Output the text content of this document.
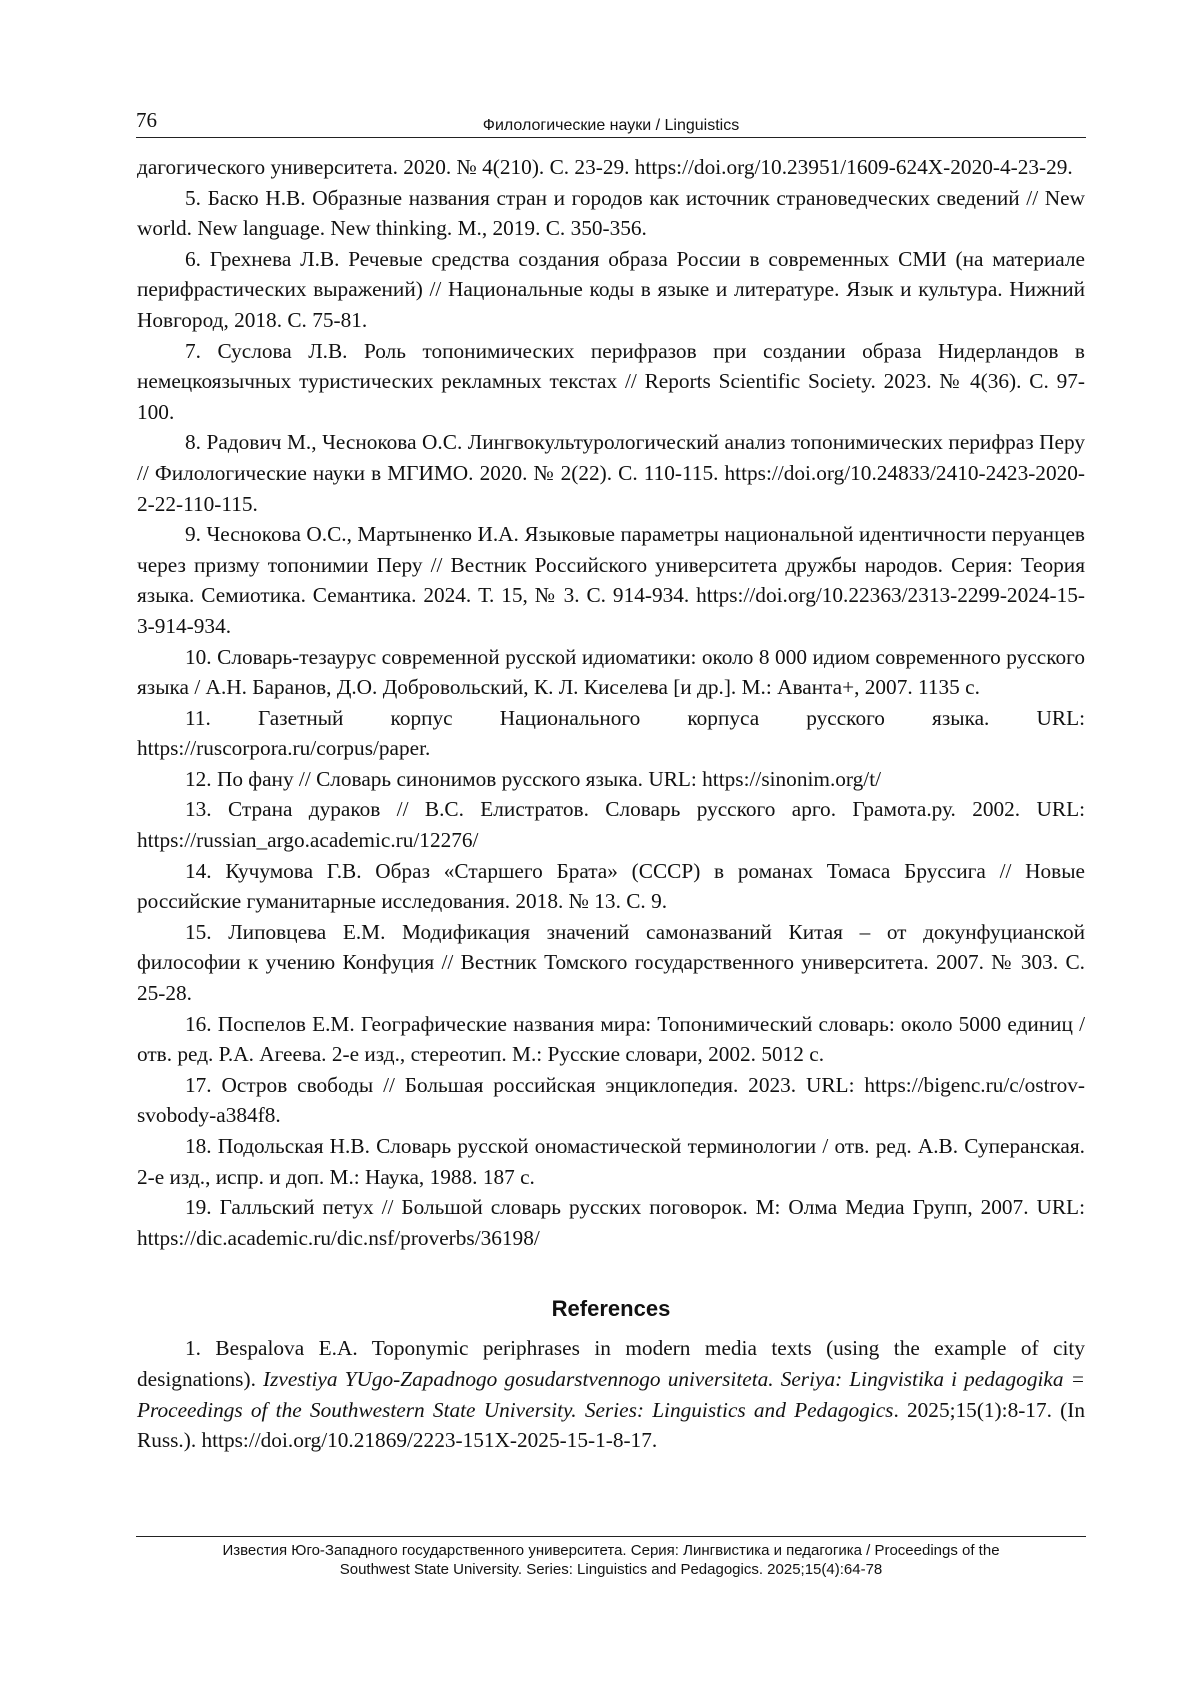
76	Филологические науки / Linguistics

дагогического университета. 2020. № 4(210). С. 23-29. https://doi.org/10.23951/1609-624X-2020-4-23-29.

5. Баско Н.В. Образные названия стран и городов как источник страноведческих сведений // New world. New language. New thinking. М., 2019. С. 350-356.

6. Грехнева Л.В. Речевые средства создания образа России в современных СМИ (на материале перифрастических выражений) // Национальные коды в языке и литературе. Язык и культура. Нижний Новгород, 2018. С. 75-81.

7. Суслова Л.В. Роль топонимических перифразов при создании образа Нидерландов в немецкоязычных туристических рекламных текстах // Reports Scientific Society. 2023. № 4(36). С. 97-100.

8. Радович М., Чеснокова О.С. Лингвокультурологический анализ топонимических перифраз Перу // Филологические науки в МГИМО. 2020. № 2(22). С. 110-115. https://doi.org/10.24833/2410-2423-2020-2-22-110-115.

9. Чеснокова О.С., Мартыненко И.А. Языковые параметры национальной идентичности перуанцев через призму топонимии Перу // Вестник Российского университета дружбы народов. Серия: Теория языка. Семиотика. Семантика. 2024. Т. 15, № 3. С. 914-934. https://doi.org/10.22363/2313-2299-2024-15-3-914-934.

10. Словарь-тезаурус современной русской идиоматики: около 8 000 идиом современного русского языка / А.Н. Баранов, Д.О. Добровольский, К. Л. Киселева [и др.]. М.: Аванта+, 2007. 1135 с.

11. Газетный корпус Национального корпуса русского языка. URL: https://ruscorpora.ru/corpus/paper.

12. По фану // Словарь синонимов русского языка. URL: https://sinonim.org/t/

13. Страна дураков // В.С. Елистратов. Словарь русского арго. Грамота.ру. 2002. URL: https://russian_argo.academic.ru/12276/

14. Кучумова Г.В. Образ «Старшего Брата» (СССР) в романах Томаса Бруссига // Новые российские гуманитарные исследования. 2018. № 13. С. 9.

15. Липовцева Е.М. Модификация значений самоназваний Китая – от докунфуцианской философии к учению Конфуция // Вестник Томского государственного университета. 2007. № 303. С. 25-28.

16. Поспелов Е.М. Географические названия мира: Топонимический словарь: около 5000 единиц / отв. ред. Р.А. Агеева. 2-е изд., стереотип. М.: Русские словари, 2002. 5012 с.

17. Остров свободы // Большая российская энциклопедия. 2023. URL: https://bigenc.ru/c/ostrov-svobody-a384f8.

18. Подольская Н.В. Словарь русской ономастической терминологии / отв. ред. А.В. Суперанская. 2-е изд., испр. и доп. М.: Наука, 1988. 187 с.

19. Галльский петух // Большой словарь русских поговорок. М: Олма Медиа Групп, 2007. URL: https://dic.academic.ru/dic.nsf/proverbs/36198/

References

1. Bespalova E.A. Toponymic periphrases in modern media texts (using the example of city designations). Izvestiya YUgo-Zapadnogo gosudarstvennogo universiteta. Seriya: Lingvistika i pedagogika = Proceedings of the Southwestern State University. Series: Linguistics and Pedagogics. 2025;15(1):8-17. (In Russ.). https://doi.org/10.21869/2223-151X-2025-15-1-8-17.

Известия Юго-Западного государственного университета. Серия: Лингвистика и педагогика / Proceedings of the
Southwest State University. Series: Linguistics and Pedagogics. 2025;15(4):64-78
